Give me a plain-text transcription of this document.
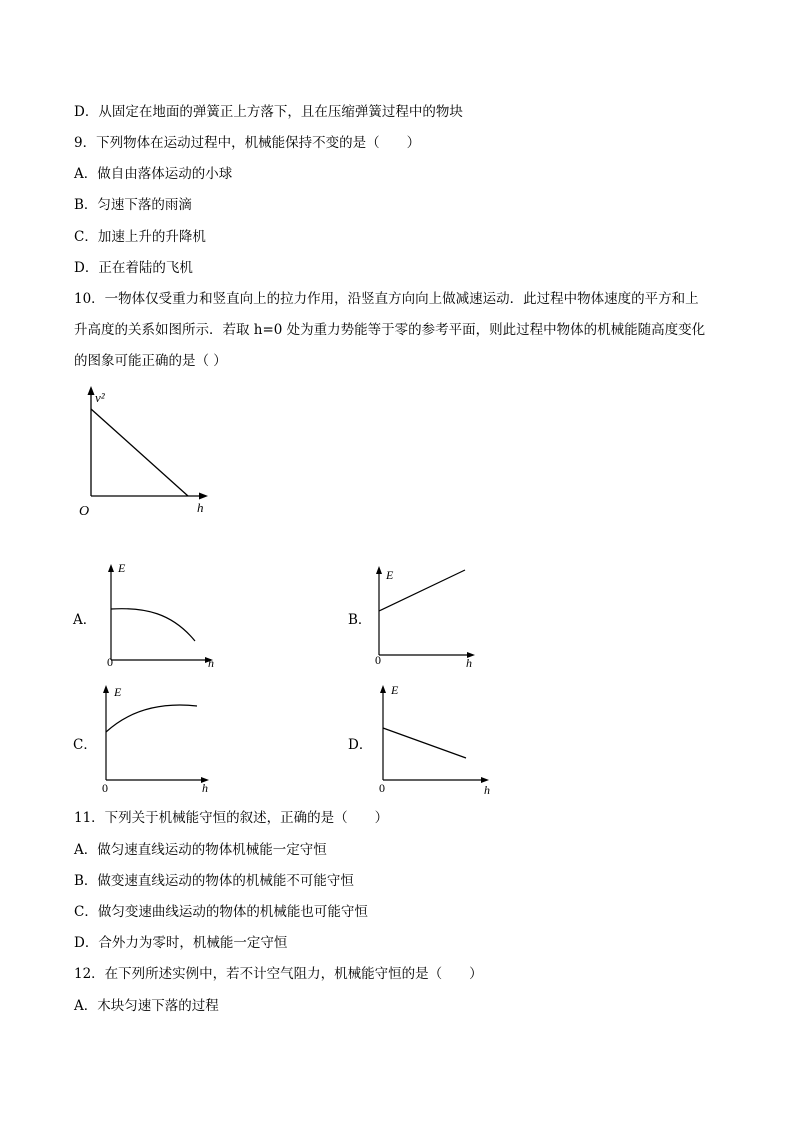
D．从固定在地面的弹簧正上方落下，且在压缩弹簧过程中的物块
9．下列物体在运动过程中，机械能保持不变的是（　　）
A．做自由落体运动的小球
B．匀速下落的雨滴
C．加速上升的升降机
D．正在着陆的飞机
10．一物体仅受重力和竖直向上的拉力作用，沿竖直方向向上做减速运动．此过程中物体速度的平方和上
升高度的关系如图所示．若取 h=0 处为重力势能等于零的参考平面，则此过程中物体的机械能随高度变化
的图象可能正确的是（ ）
v²
h
O
A．
E
h
0
B．
E
h
0
C．
E
h
0
D．
E
h
0
11．下列关于机械能守恒的叙述，正确的是（　　）
A．做匀速直线运动的物体机械能一定守恒
B．做变速直线运动的物体的机械能不可能守恒
C．做匀变速曲线运动的物体的机械能也可能守恒
D．合外力为零时，机械能一定守恒
12．在下列所述实例中，若不计空气阻力，机械能守恒的是（　　）
A．木块匀速下落的过程
